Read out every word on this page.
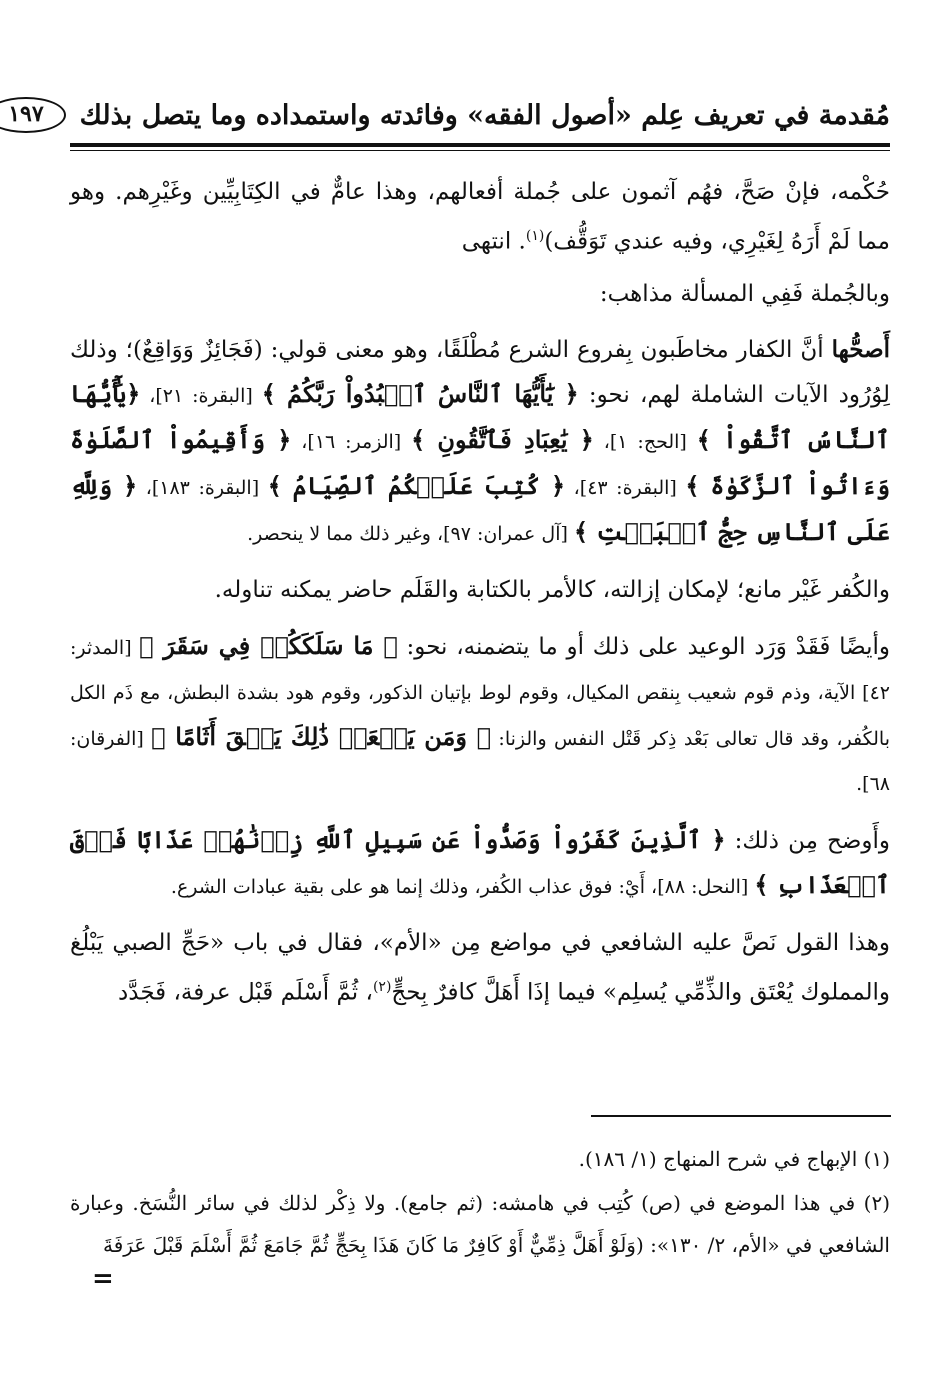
مُقدمة في تعريف عِلم «أصول الفقه» وفائدته واستمداده وما يتصل بذلك
١٩٧

حُكْمه، فإنْ صَحَّ، فهُم آثمون على جُملة أفعالهم، وهذا عامٌّ في الكِتَابِيِّين وغَيْرِهم. وهو مما لَمْ أَرَهُ لِغَيْرِي، وفيه عندي تَوَقُّف)$^{(١)}$. انتهى

وبالجُملة فَفِي المسألة مذاهب:

أَصحُّها أنَّ الكفار مخاطَبون بِفروع الشرع مُطْلَقًا، وهو معنى قولي: (فَجَائِزٌ وَوَاقِعٌ)؛ وذلك لِوُرُود الآيات الشاملة لهم، نحو: ﴿ يَٰٓأَيُّهَا ٱلنَّاسُ ٱعۡبُدُواْ رَبَّكُمُ ﴾ [البقرة: ٢١]، ﴿يَٰٓأَيُّهَا ٱلنَّاسُ ٱتَّقُواْ ﴾ [الحج: ١]، ﴿ يَٰعِبَادِ فَٱتَّقُونِ ﴾ [الزمر: ١٦]، ﴿ وَأَقِيمُواْ ٱلصَّلَوٰةَ وَءَاتُواْ ٱلزَّكَوٰةَ ﴾ [البقرة: ٤٣]، ﴿ كُتِبَ عَلَيۡكُمُ ٱلصِّيَامُ ﴾ [البقرة: ١٨٣]، ﴿ وَلِلَّهِ عَلَى ٱلنَّاسِ حِجُّ ٱلۡبَيۡتِ ﴾ [آل عمران: ٩٧]، وغير ذلك مما لا ينحصر.

والكُفر غَيْر مانع؛ لإمكان إزالته، كالأمر بالكتابة والقَلَم حاضر يمكنه تناوله.

وأيضًا فَقَدْ وَرَد الوعيد على ذلك أو ما يتضمنه، نحو: ﴿ مَا سَلَكَكُمۡ فِي سَقَرَ ﴾ [المدثر: ٤٢] الآية، وذم قوم شعيب بِنقص المكيال، وقوم لوط بإتيان الذكور، وقوم هود بشدة البطش، مع ذَم الكل بالكُفر، وقد قال تعالى بَعْد ذِكر قَتْل النفس والزنا: ﴿ وَمَن يَفۡعَلۡ ذَٰلِكَ يَلۡقَ أَثَامًا ﴾ [الفرقان: ٦٨].

وأَوضح مِن ذلك: ﴿ ٱلَّذِينَ كَفَرُواْ وَصَدُّواْ عَن سَبِيلِ ٱللَّهِ زِدۡنَٰهُمۡ عَذَابًا فَوۡقَ ٱلۡعَذَابِ ﴾ [النحل: ٨٨]، أَيْ: فوق عذاب الكُفر، وذلك إنما هو على بقية عبادات الشرع.

وهذا القول نَصَّ عليه الشافعي في مواضع مِن «الأم»، فقال في باب «حَجِّ الصبي يَبْلُغ والمملوك يُعْتَق والذِّمِّي يُسلِم» فيما إذَا أَهَلَّ كافرٌ بِحجٍّ$^{(٢)}$، ثُمَّ أَسْلَم قَبْل عرفة، فَجَدَّد

(١) الإبهاج في شرح المنهاج (١/ ١٨٦).

(٢) في هذا الموضع في (ص) كُتِب في هامشه: (ثم جامع). ولا ذِكْر لذلك في سائر النُّسَخ. وعبارة الشافعي في «الأم، ٢/ ١٣٠»: (وَلَوْ أَهَلَّ ذِمِّيٌّ أَوْ كَافِرٌ مَا كَانَ هَذَا بِحَجٍّ ثُمَّ جَامَعَ ثُمَّ أَسْلَمَ قَبْلَ عَرَفَةَ

=
